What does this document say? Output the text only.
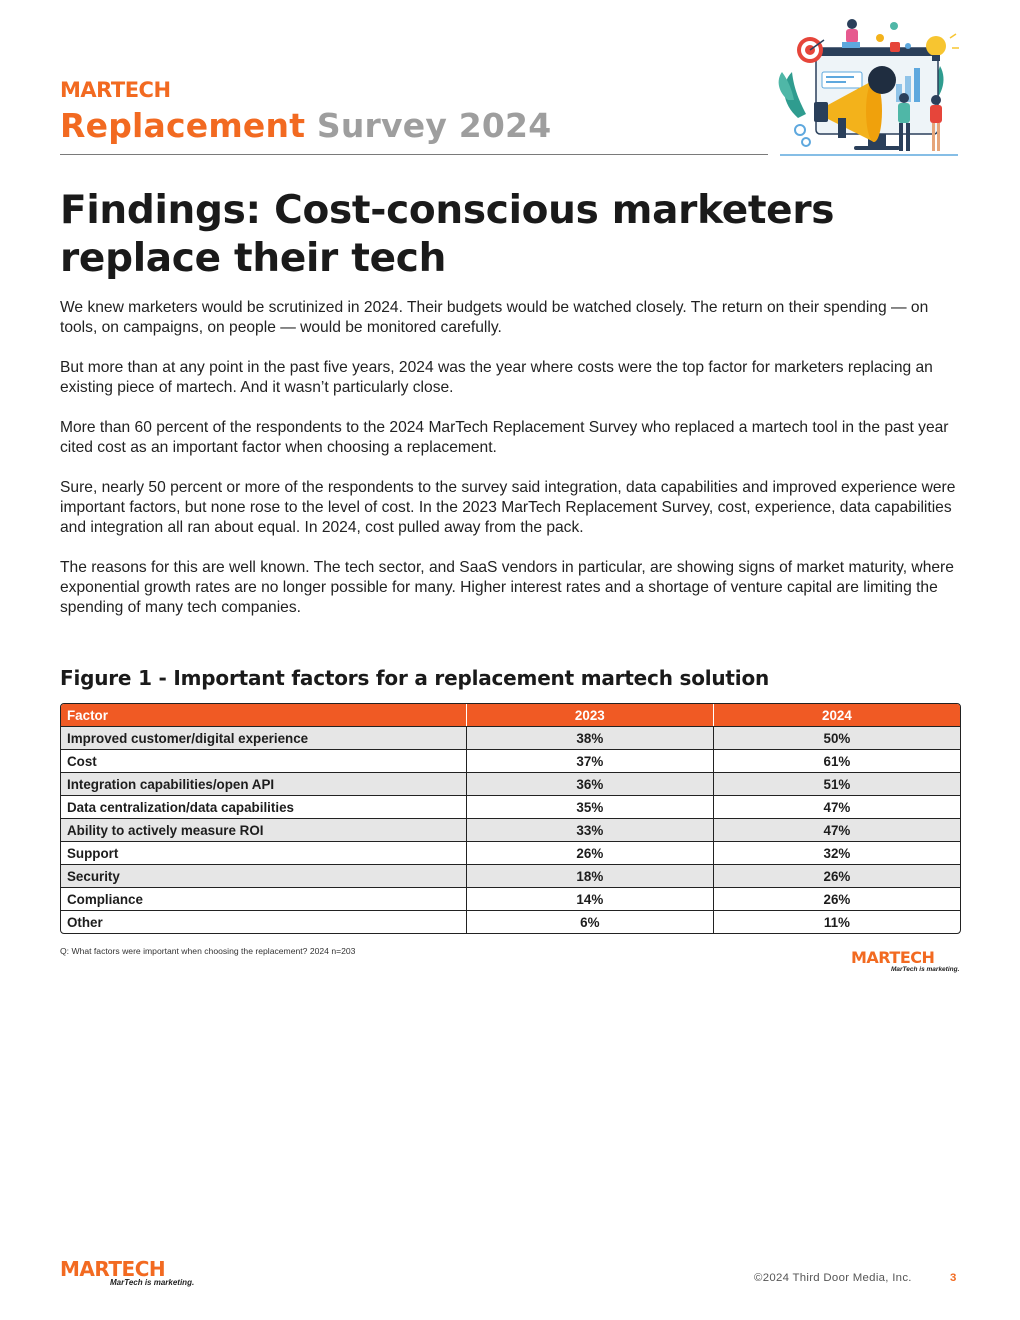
MARTECH
Replacement Survey 2024
Findings: Cost-conscious marketers replace their tech

We knew marketers would be scrutinized in 2024. Their budgets would be watched closely. The return on their spending — on tools, on campaigns, on people — would be monitored carefully.

But more than at any point in the past five years, 2024 was the year where costs were the top factor for marketers replacing an existing piece of martech. And it wasn’t particularly close.

More than 60 percent of the respondents to the 2024 MarTech Replacement Survey who replaced a martech tool in the past year cited cost as an important factor when choosing a replacement.

Sure, nearly 50 percent or more of the respondents to the survey said integration, data capabilities and improved experience were important factors, but none rose to the level of cost. In the 2023 MarTech Replacement Survey, cost, experience, data capabilities and integration all ran about equal. In 2024, cost pulled away from the pack.

The reasons for this are well known. The tech sector, and SaaS vendors in particular, are showing signs of market maturity, where exponential growth rates are no longer possible for many. Higher interest rates and a shortage of venture capital are limiting the spending of many tech companies.

Figure 1 - Important factors for a replacement martech solution
Factor	2023	2024
Improved customer/digital experience	38%	50%
Cost	37%	61%
Integration capabilities/open API	36%	51%
Data centralization/data capabilities	35%	47%
Ability to actively measure ROI	33%	47%
Support	26%	32%
Security	18%	26%
Compliance	14%	26%
Other	6%	11%
Q: What factors were important when choosing the replacement? 2024 n=203	MARTECH
MarTech is marketing.
MARTECH
MarTech is marketing.	©2024 Third Door Media, Inc.	3
